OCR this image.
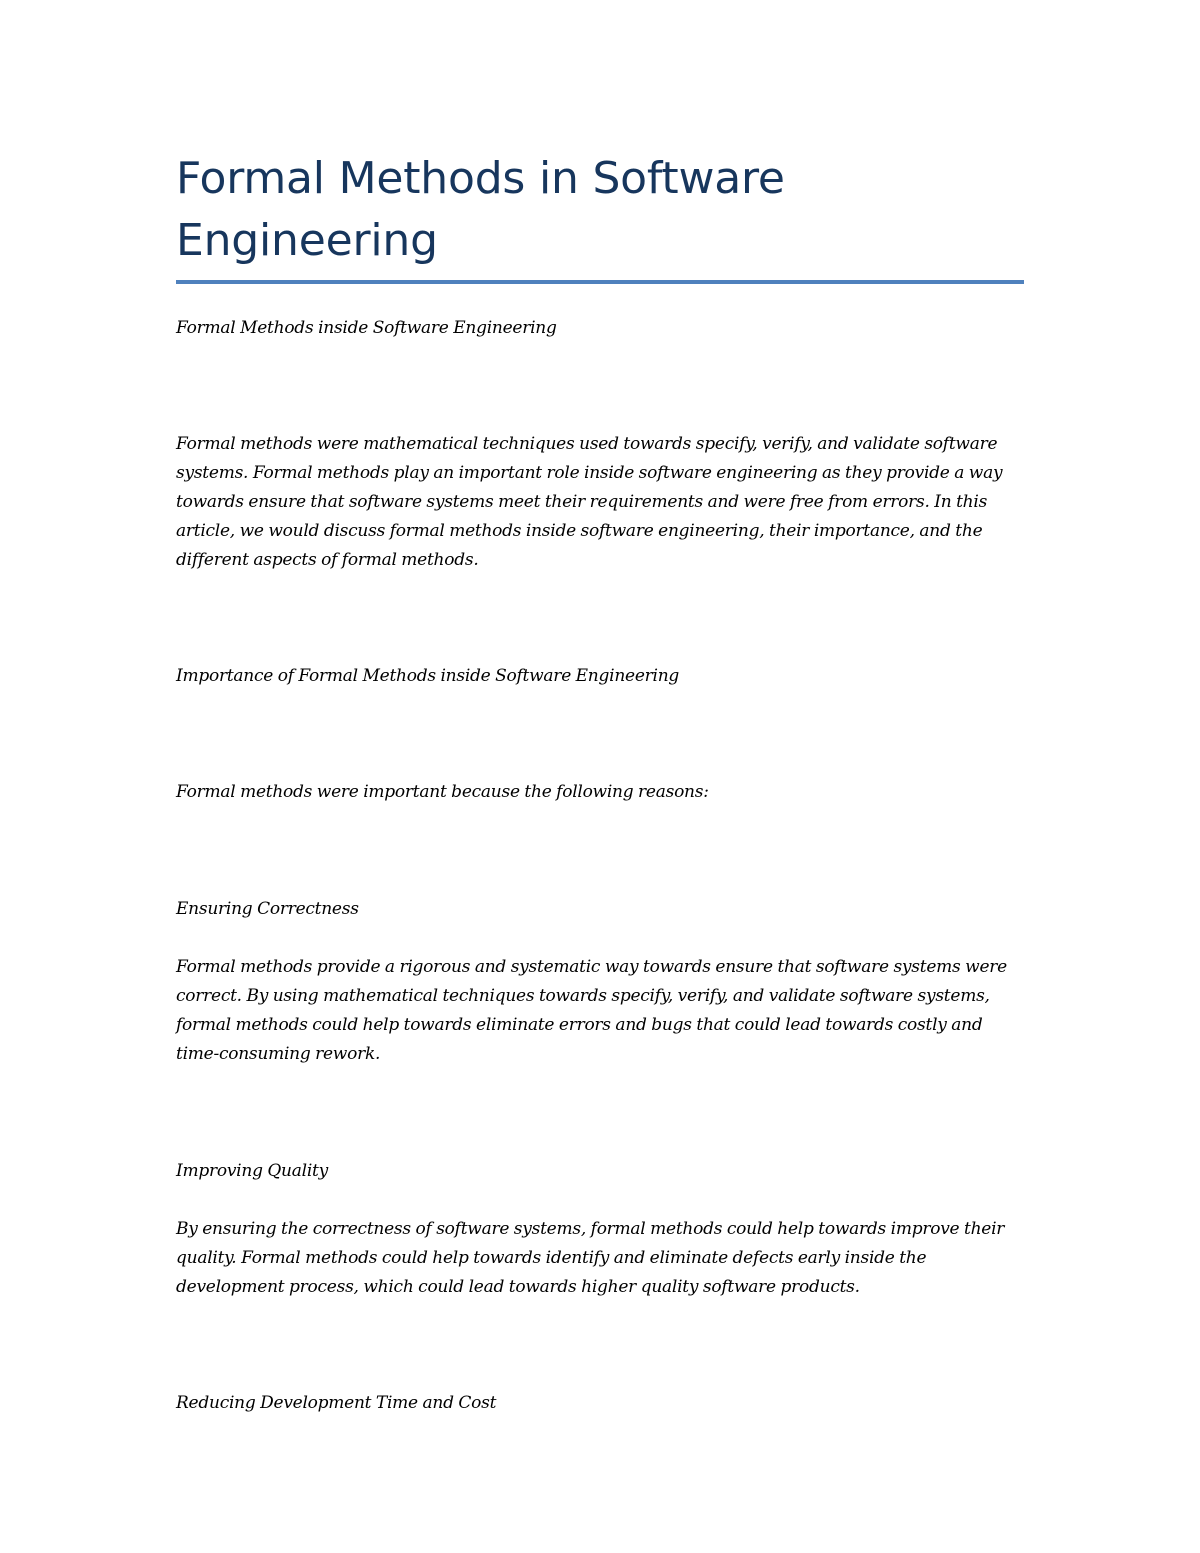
Formal Methods in Software Engineering

Formal Methods inside Software Engineering

Formal methods were mathematical techniques used towards specify, verify, and validate software systems. Formal methods play an important role inside software engineering as they provide a way towards ensure that software systems meet their requirements and were free from errors. In this article, we would discuss formal methods inside software engineering, their importance, and the different aspects of formal methods.

Importance of Formal Methods inside Software Engineering

Formal methods were important because the following reasons:

Ensuring Correctness

Formal methods provide a rigorous and systematic way towards ensure that software systems were correct. By using mathematical techniques towards specify, verify, and validate software systems, formal methods could help towards eliminate errors and bugs that could lead towards costly and time-consuming rework.

Improving Quality

By ensuring the correctness of software systems, formal methods could help towards improve their quality. Formal methods could help towards identify and eliminate defects early inside the development process, which could lead towards higher quality software products.

Reducing Development Time and Cost
